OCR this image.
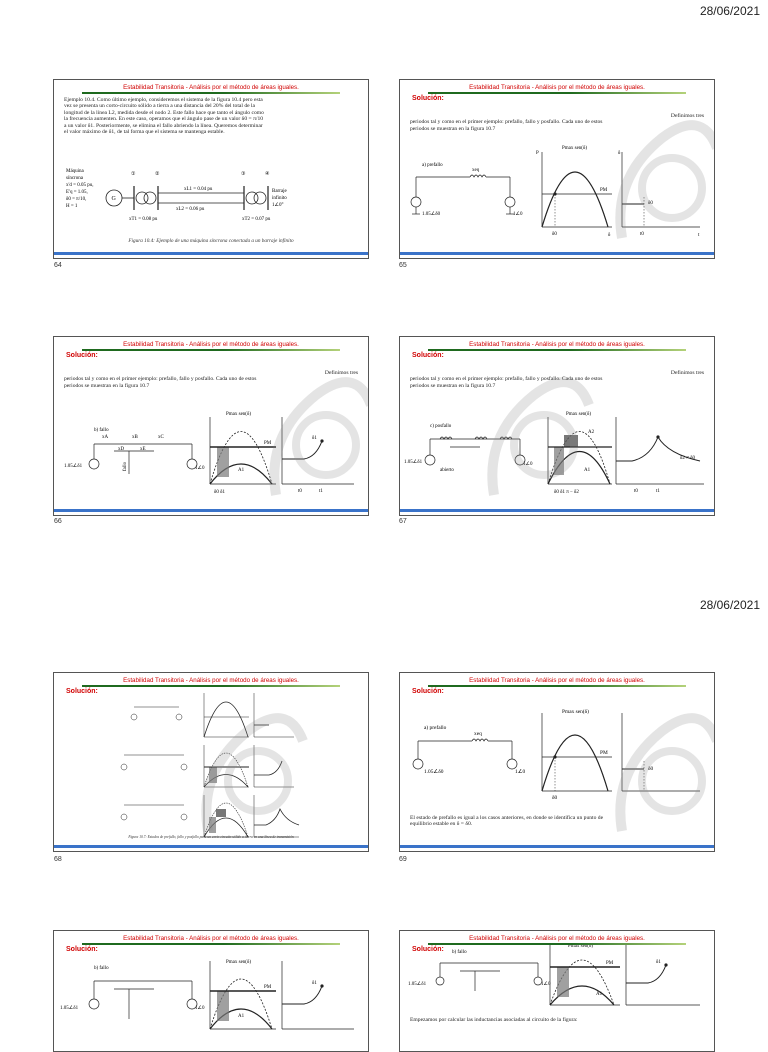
28/06/2021
28/06/2021
Estabilidad Transitoria - Análisis por el método de áreas iguales.
Ejemplo 10.4. Como último ejemplo, consideremos el sistema de la figura 10.4 pero esta
vez se presenta un corto-circuito sólido a tierra a una distancia del 20% del total de la
longitud de la línea L2, medida desde el nodo 2. Este fallo hace que tanto el ángulo como
la frecuencia aumenten. En este caso, operamos que el ángulo pase de un valor δ0 = π/10
a un valor δ1. Posteriormente, se elimina el fallo abriendo la línea. Queremos determinar
el valor máximo de δ1, de tal forma que el sistema se mantenga estable.
Máquina
síncrona
x'd = 0.05 pu,
E'q = 1.05,
δ0 = π/10,
H = 1
G
①	②
xT1 = 0.08 pu
xL1 = 0.04 pu
xL2 = 0.06 pu
③
xT2 = 0.07 pu
④
Barraje
infinito
1∠0°
Figura 10.4: Ejemplo de una máquina síncrona conectada a un barraje infinito
64
Estabilidad Transitoria - Análisis por el método de áreas iguales.
Solución:
Definimos tres
periodos tal y como en el primer ejemplo: prefallo, fallo y posfallo. Cada uno de estos
periodos se muestran en la figura 10.7
a) prefallo
xeq
1.05∠δ0	1∠0
P
δ
Pmax sen(δ)
PM
δ0
δ
t
δ0
t0
65
Estabilidad Transitoria - Análisis por el método de áreas iguales.
Solución:
Definimos tres
periodos tal y como en el primer ejemplo: prefallo, fallo y posfallo. Cada uno de estos
periodos se muestran en la figura 10.7
b) fallo
xA	xB	xC
xD	xE
fallo
1.05∠δ1	1∠0
Pmax sen(δ)
PM
A1
δ0 δ1
δ1
t0	t1
66
Estabilidad Transitoria - Análisis por el método de áreas iguales.
Solución:
Definimos tres
periodos tal y como en el primer ejemplo: prefallo, fallo y posfallo. Cada uno de estos
periodos se muestran en la figura 10.7
c) posfallo
abierto
1.05∠δ1	1∠0
Pmax sen(δ)
A2
A1
δ0 δ1 π − δ2
δ2 ≠ δ0
t0	t1
67
Estabilidad Transitoria - Análisis por el método de áreas iguales.
Solución:
Figura 10.7: Estados de prefallo, fallo y posfallo para un corto circuito sólido a tierra en una línea de transmisión
68
Estabilidad Transitoria - Análisis por el método de áreas iguales.
Solución:
a) prefallo
xeq
1.05∠δ0	1∠0
Pmax sen(δ)
PM
δ0
δ0
El estado de prefallo es igual a los casos anteriores, en donde se identifica un punto de
equilibrio estable en δ = δ0.
69
Estabilidad Transitoria - Análisis por el método de áreas iguales.
Solución:
b) fallo
1.05∠δ1	1∠0
Pmax sen(δ)
PM
A1
δ1
Estabilidad Transitoria - Análisis por el método de áreas iguales.
Solución: b) fallo
1.05∠δ1	1∠0
Pmax sen(δ)
PM
A1
δ1
Empezamos por calcular las inductancias asociadas al circuito de la figura:
